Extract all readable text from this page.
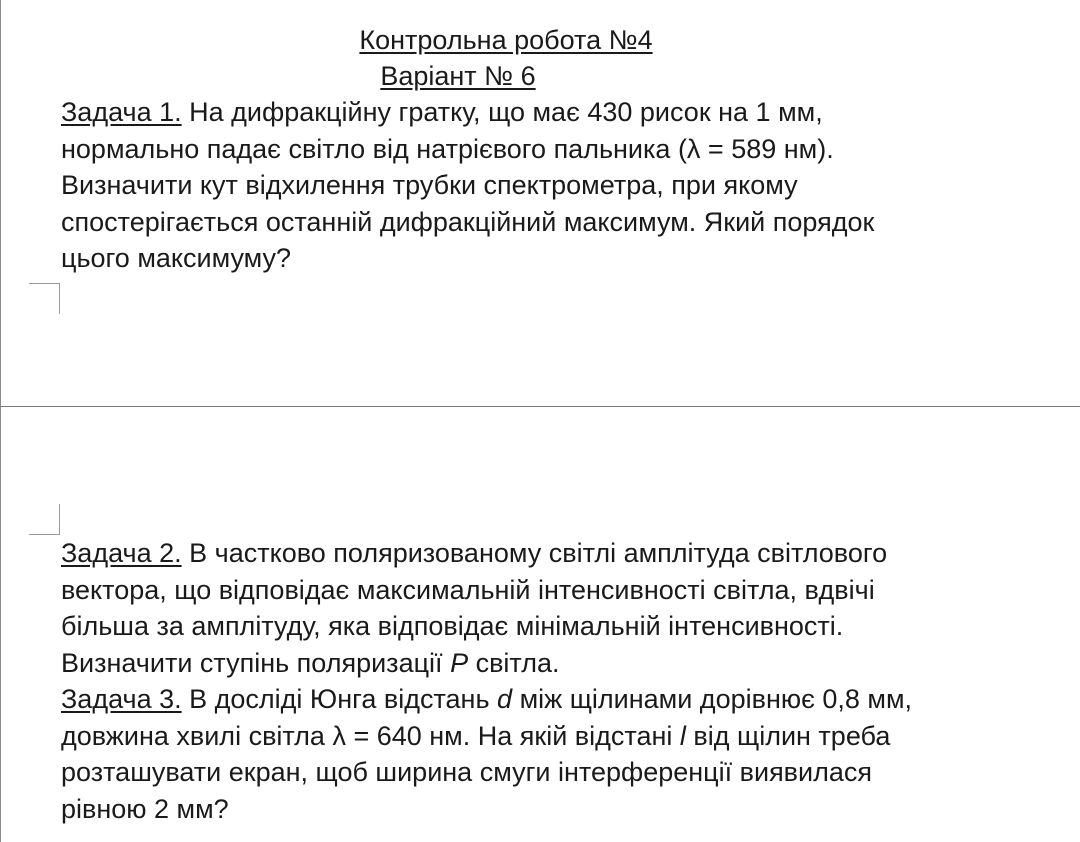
Контрольна робота №4
Варіант № 6
Задача 1. На дифракційну гратку, що має 430 рисок на 1 мм,
нормально падає світло від натрієвого пальника (λ = 589 нм).
Визначити кут відхилення трубки спектрометра, при якому
спостерігається останній дифракційний максимум. Який порядок
цього максимуму?
Задача 2. В частково поляризованому світлі амплітуда світлового
вектора, що відповідає максимальній інтенсивності світла, вдвічі
більша за амплітуду, яка відповідає мінімальній інтенсивності.
Визначити ступінь поляризації P світла.
Задача 3. В досліді Юнга відстань d між щілинами дорівнює 0,8 мм,
довжина хвилі світла λ = 640 нм. На якій відстані l від щілин треба
розташувати екран, щоб ширина смуги інтерференції виявилася
рівною 2 мм?
